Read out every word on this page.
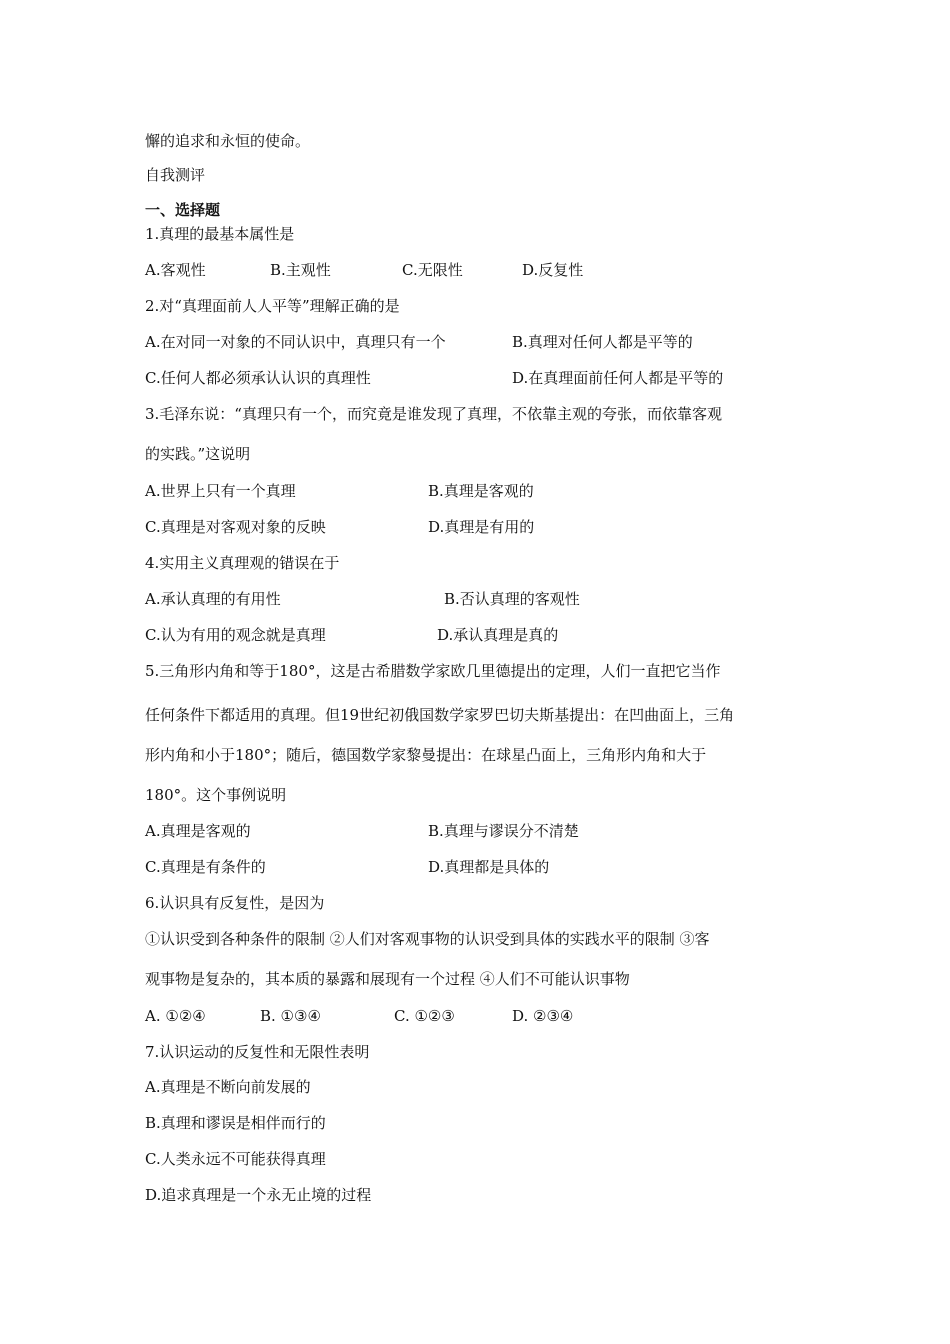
懈的追求和永恒的使命。
自我测评
一、选择题
1.真理的最基本属性是
A.客观性	B.主观性	C.无限性	D.反复性
2.对“真理面前人人平等”理解正确的是
A.在对同一对象的不同认识中，真理只有一个	B.真理对任何人都是平等的
C.任何人都必须承认认识的真理性	D.在真理面前任何人都是平等的
3.毛泽东说：“真理只有一个，而究竟是谁发现了真理，不依靠主观的夸张，而依靠客观
的实践。”这说明
A.世界上只有一个真理	B.真理是客观的
C.真理是对客观对象的反映	D.真理是有用的
4.实用主义真理观的错误在于
A.承认真理的有用性	B.否认真理的客观性
C.认为有用的观念就是真理	D.承认真理是真的
5.三角形内角和等于180°，这是古希腊数学家欧几里德提出的定理，人们一直把它当作
任何条件下都适用的真理。但19世纪初俄国数学家罗巴切夫斯基提出：在凹曲面上，三角
形内角和小于180°；随后，德国数学家黎曼提出：在球星凸面上，三角形内角和大于
180°。这个事例说明
A.真理是客观的	B.真理与谬误分不清楚
C.真理是有条件的	D.真理都是具体的
6.认识具有反复性，是因为
①认识受到各种条件的限制 ②人们对客观事物的认识受到具体的实践水平的限制 ③客
观事物是复杂的，其本质的暴露和展现有一个过程 ④人们不可能认识事物
A. ①②④	B. ①③④	C. ①②③	D. ②③④
7.认识运动的反复性和无限性表明
A.真理是不断向前发展的
B.真理和谬误是相伴而行的
C.人类永远不可能获得真理
D.追求真理是一个永无止境的过程
